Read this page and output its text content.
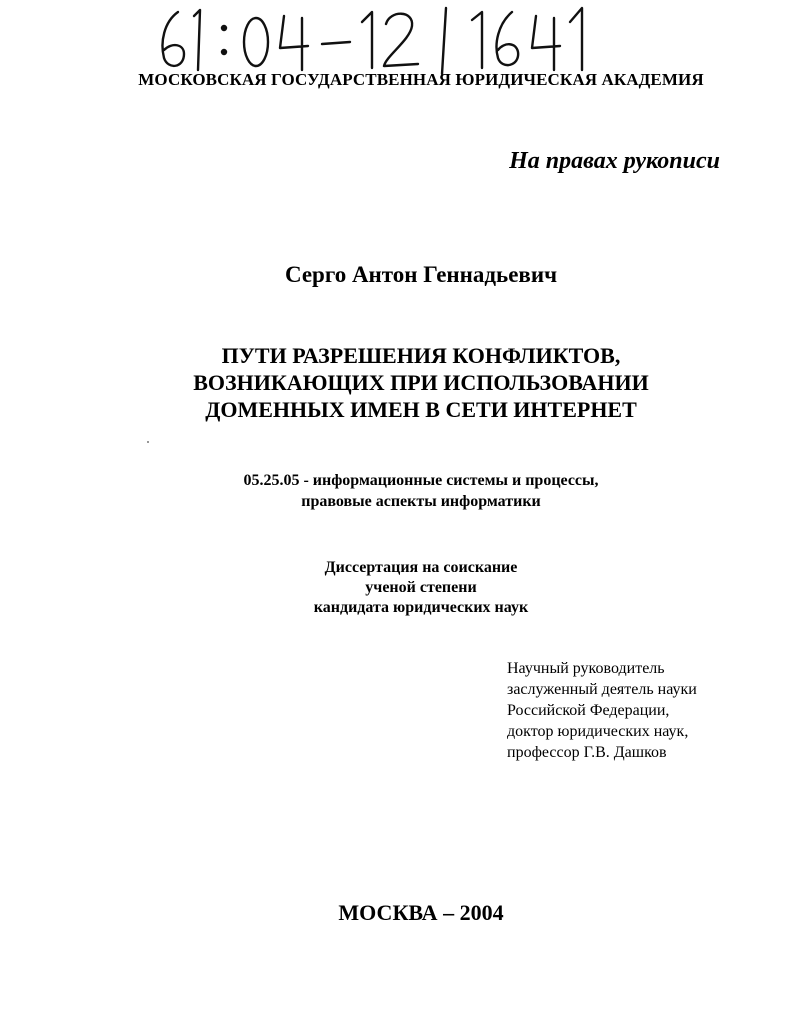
МОСКОВСКАЯ ГОСУДАРСТВЕННАЯ ЮРИДИЧЕСКАЯ АКАДЕМИЯ
На правах рукописи
Серго Антон Геннадьевич
ПУТИ РАЗРЕШЕНИЯ КОНФЛИКТОВ,
ВОЗНИКАЮЩИХ ПРИ ИСПОЛЬЗОВАНИИ
ДОМЕННЫХ ИМЕН В СЕТИ ИНТЕРНЕТ
05.25.05 - информационные системы и процессы,
правовые аспекты информатики
Диссертация на соискание
ученой степени
кандидата юридических наук
Научный руководитель
заслуженный деятель науки
Российской Федерации,
доктор юридических наук,
профессор Г.В. Дашков
МОСКВА – 2004
